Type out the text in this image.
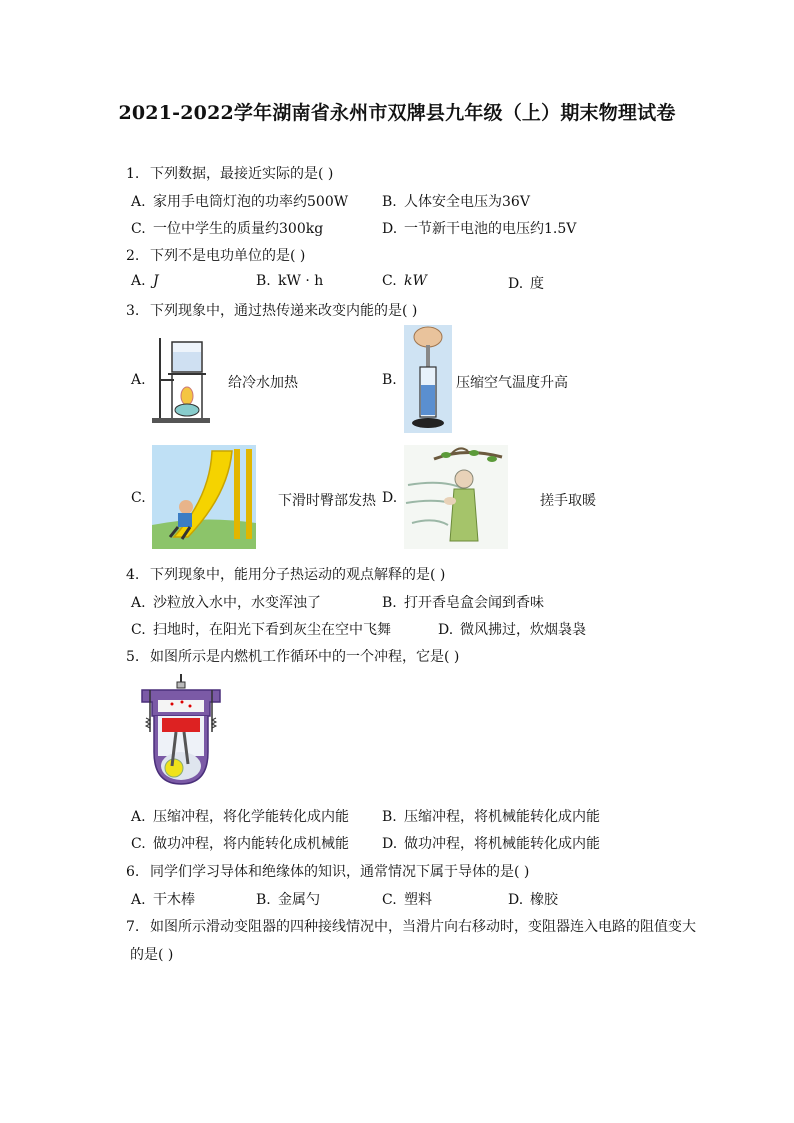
2021-2022学年湖南省永州市双牌县九年级（上）期末物理试卷
1. 下列数据，最接近实际的是( )
A. 家用手电筒灯泡的功率约500W B. 人体安全电压为36V
C. 一位中学生的质量约300kg	D. 一节新干电池的电压约1.5V
2. 下列不是电功单位的是( )
A. J	B. kW · h	C. kW	D. 度
3. 下列现象中，通过热传递来改变内能的是( )
A.	给冷水加热	B.	压缩空气温度升高
C.	下滑时臀部发热 D.	搓手取暖
4. 下列现象中，能用分子热运动的观点解释的是( )
A. 沙粒放入水中，水变浑浊了	B. 打开香皂盒会闻到香味
C. 扫地时，在阳光下看到灰尘在空中飞舞	D. 微风拂过，炊烟袅袅
5. 如图所示是内燃机工作循环中的一个冲程，它是( )
A. 压缩冲程，将化学能转化成内能 B. 压缩冲程，将机械能转化成内能
C. 做功冲程，将内能转化成机械能 D. 做功冲程，将机械能转化成内能
6. 同学们学习导体和绝缘体的知识，通常情况下属于导体的是( )
A. 干木棒	B. 金属勺	C. 塑料	D. 橡胶
7. 如图所示滑动变阻器的四种接线情况中，当滑片向右移动时，变阻器连入电路的阻值变大
的是( )
